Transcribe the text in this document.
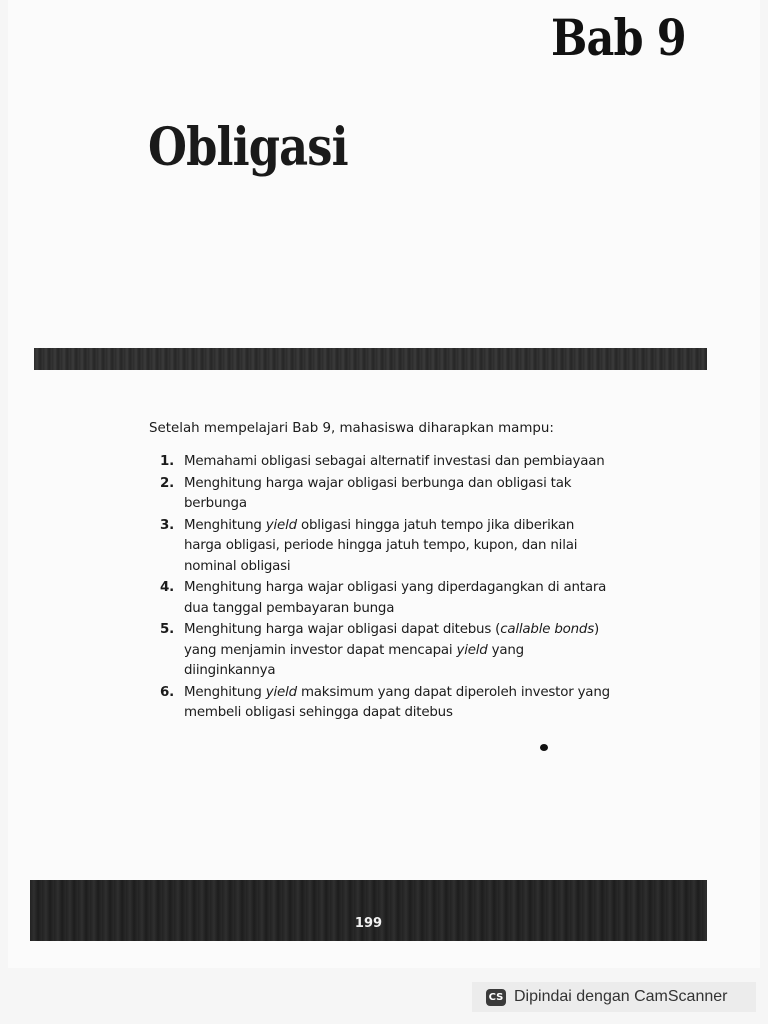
Bab 9
Obligasi
Setelah mempelajari Bab 9, mahasiswa diharapkan mampu:
1. Memahami obligasi sebagai alternatif investasi dan pembiayaan
2. Menghitung harga wajar obligasi berbunga dan obligasi tak berbunga
3. Menghitung yield obligasi hingga jatuh tempo jika diberikan harga obligasi, periode hingga jatuh tempo, kupon, dan nilai nominal obligasi
4. Menghitung harga wajar obligasi yang diperdagangkan di antara dua tanggal pembayaran bunga
5. Menghitung harga wajar obligasi dapat ditebus (callable bonds) yang menjamin investor dapat mencapai yield yang diinginkannya
6. Menghitung yield maksimum yang dapat diperoleh investor yang membeli obligasi sehingga dapat ditebus
199
CS Dipindai dengan CamScanner
